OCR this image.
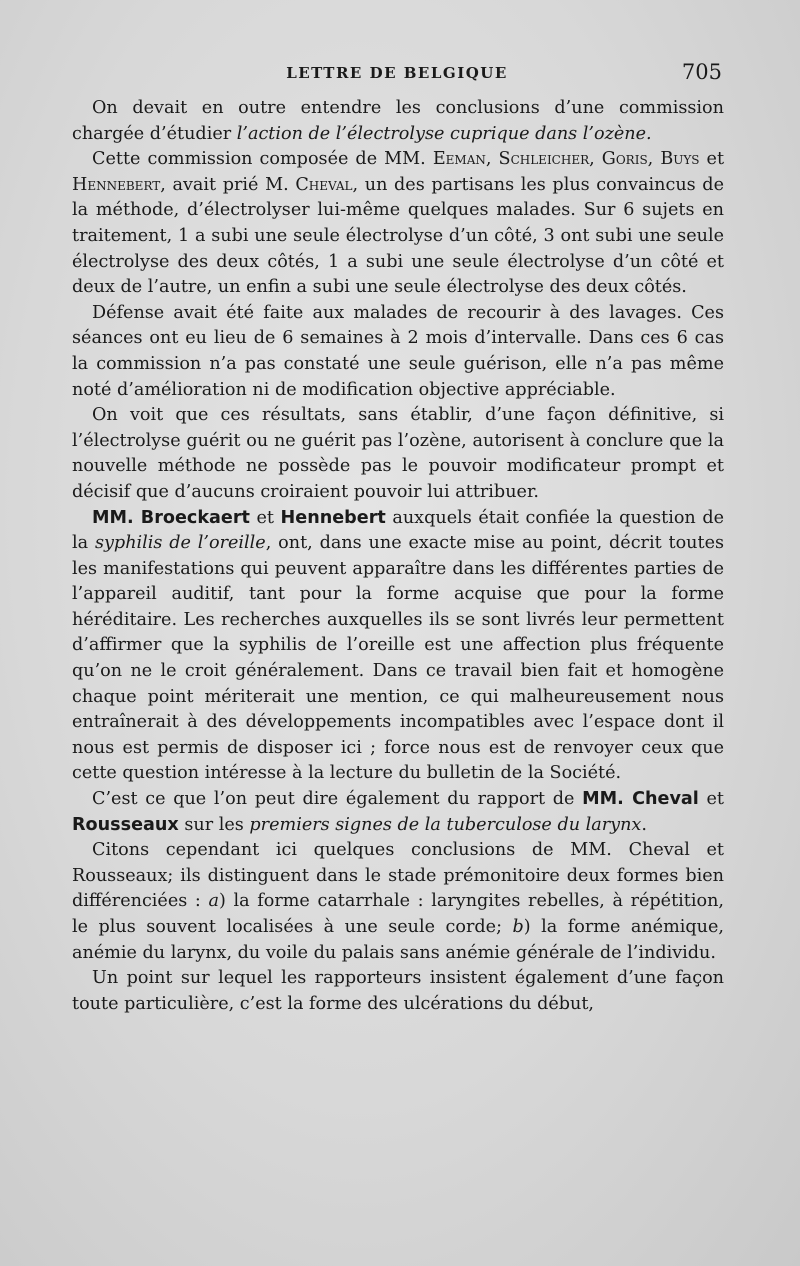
LETTRE DE BELGIQUE	705

On devait en outre entendre les conclusions d’une commission chargée d’étudier l’action de l’électrolyse cuprique dans l’ozène.

Cette commission composée de MM. Eeman, Schleicher, Goris, Buys et Hennebert, avait prié M. Cheval, un des partisans les plus convaincus de la méthode, d’électrolyser lui-même quelques malades. Sur 6 sujets en traitement, 1 a subi une seule électrolyse d’un côté, 3 ont subi une seule électrolyse des deux côtés, 1 a subi une seule électrolyse d’un côté et deux de l’autre, un enfin a subi une seule électrolyse des deux côtés.

Défense avait été faite aux malades de recourir à des lavages. Ces séances ont eu lieu de 6 semaines à 2 mois d’intervalle. Dans ces 6 cas la commission n’a pas constaté une seule guérison, elle n’a pas même noté d’amélioration ni de modification objective appréciable.

On voit que ces résultats, sans établir, d’une façon définitive, si l’électrolyse guérit ou ne guérit pas l’ozène, autorisent à conclure que la nouvelle méthode ne possède pas le pouvoir modificateur prompt et décisif que d’aucuns croiraient pouvoir lui attribuer.

MM. Broeckaert et Hennebert auxquels était confiée la question de la syphilis de l’oreille, ont, dans une exacte mise au point, décrit toutes les manifestations qui peuvent apparaître dans les différentes parties de l’appareil auditif, tant pour la forme acquise que pour la forme héréditaire. Les recherches auxquelles ils se sont livrés leur permettent d’affirmer que la syphilis de l’oreille est une affection plus fréquente qu’on ne le croit généralement. Dans ce travail bien fait et homogène chaque point mériterait une mention, ce qui malheureusement nous entraînerait à des développements incompatibles avec l’espace dont il nous est permis de disposer ici ; force nous est de renvoyer ceux que cette question intéresse à la lecture du bulletin de la Société.

C’est ce que l’on peut dire également du rapport de MM. Cheval et Rousseaux sur les premiers signes de la tuberculose du larynx.

Citons cependant ici quelques conclusions de MM. Cheval et Rousseaux; ils distinguent dans le stade prémonitoire deux formes bien différenciées : a) la forme catarrhale : laryngites rebelles, à répétition, le plus souvent localisées à une seule corde; b) la forme anémique, anémie du larynx, du voile du palais sans anémie générale de l’individu.

Un point sur lequel les rapporteurs insistent également d’une façon toute particulière, c’est la forme des ulcérations du début,
